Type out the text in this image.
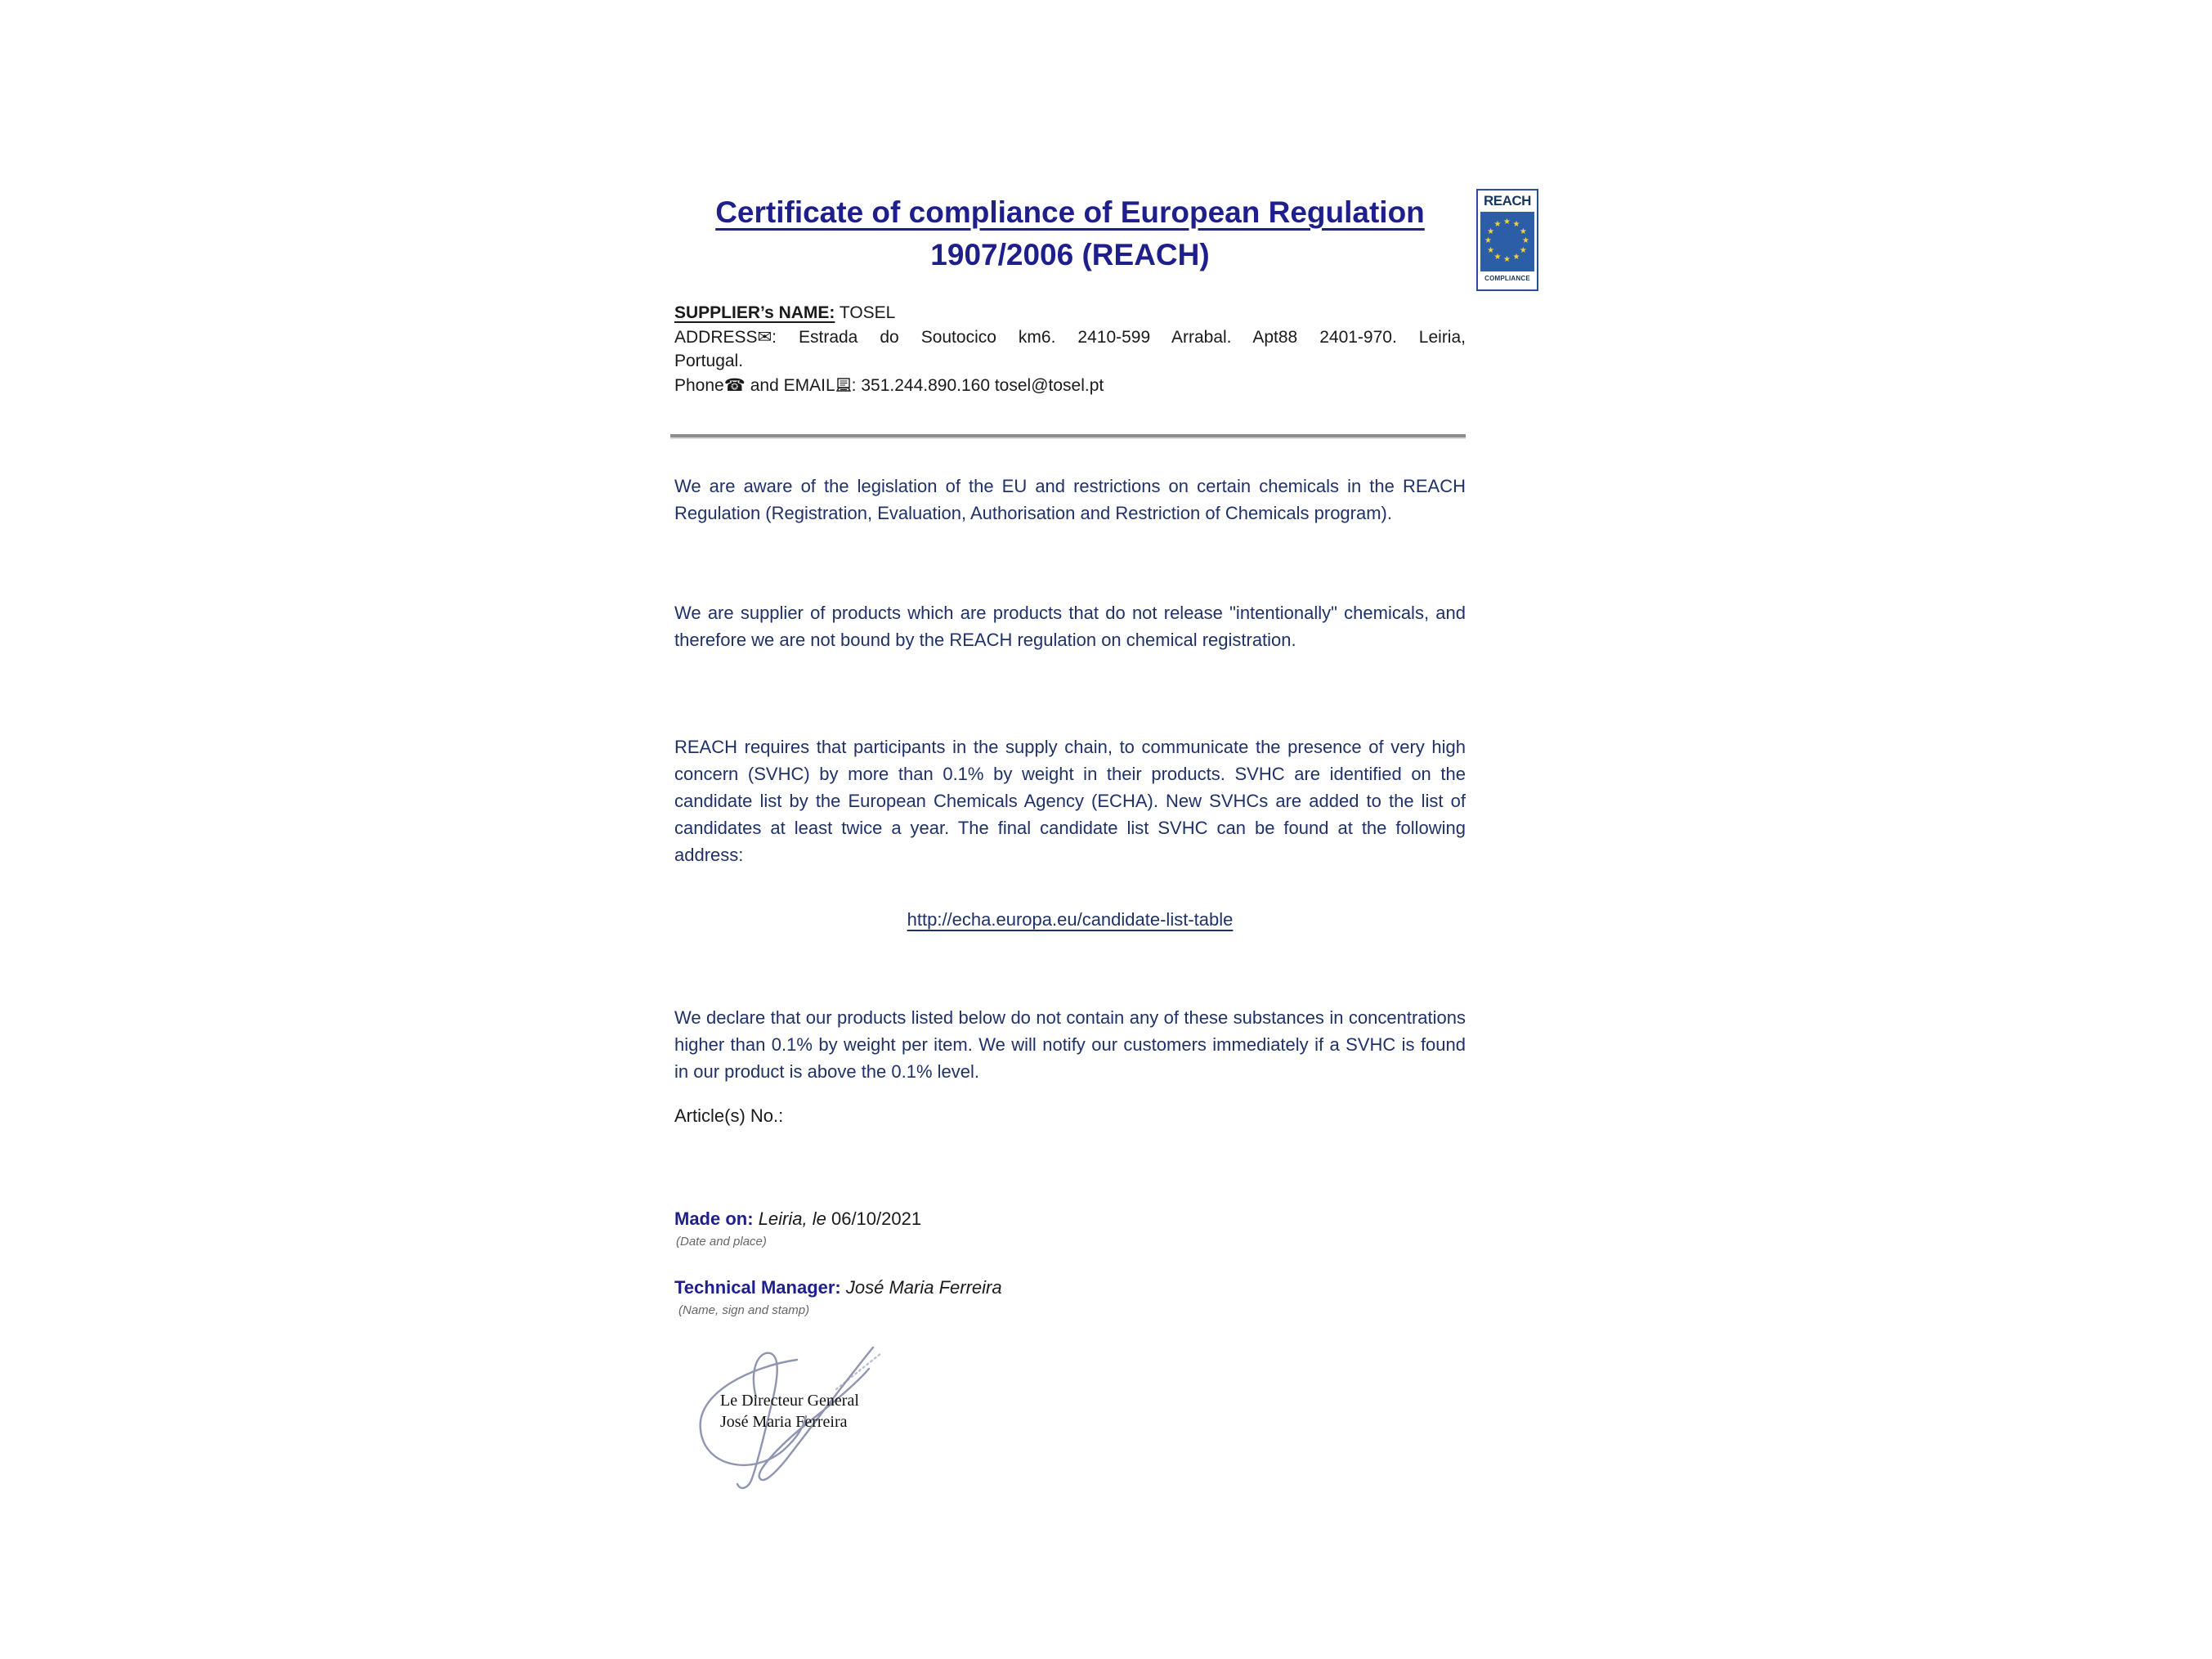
Certificate of compliance of European Regulation
1907/2006 (REACH)
REACH
★ ★
★
★
★
★
★
★
★
★
★
★
COMPLIANCE
SUPPLIER’s NAME: TOSEL
ADDRESS✉: Estrada do Soutocico km6. 2410-599 Arrabal. Apt88 2401-970. Leiria,
Portugal.
Phone☎ and EMAIL : 351.244.890.160 tosel@tosel.pt

We are aware of the legislation of the EU and restrictions on certain chemicals in the REACH Regulation (Registration, Evaluation, Authorisation and Restriction of Chemicals program).

We are supplier of products which are products that do not release "intentionally" chemicals, and therefore we are not bound by the REACH regulation on chemical registration.

REACH requires that participants in the supply chain, to communicate the presence of very high concern (SVHC) by more than 0.1% by weight in their products. SVHC are identified on the candidate list by the European Chemicals Agency (ECHA). New SVHCs are added to the list of candidates at least twice a year. The final candidate list SVHC can be found at the following address:

http://echa.europa.eu/candidate-list-table

We declare that our products listed below do not contain any of these substances in concentrations higher than 0.1% by weight per item. We will notify our customers immediately if a SVHC is found in our product is above the 0.1% level.

Article(s) No.:
Made on: Leiria, le 06/10/2021
(Date and place)
Technical Manager: José Maria Ferreira
(Name, sign and stamp)
Le Directeur General
José Maria Ferreira
